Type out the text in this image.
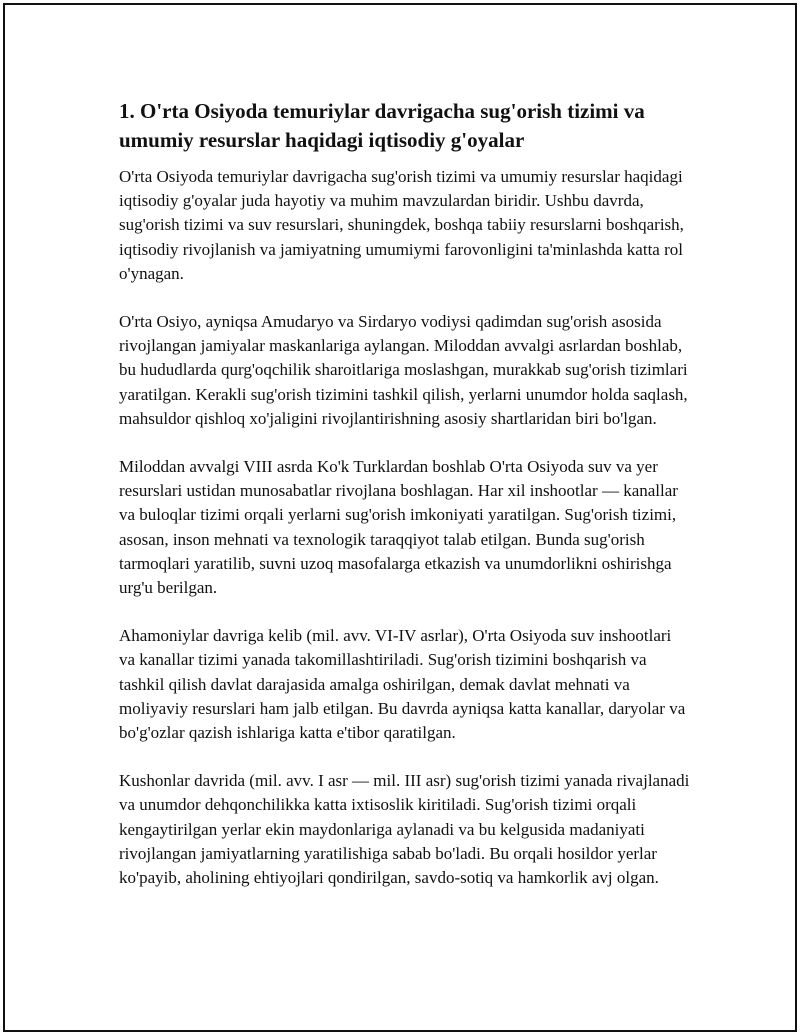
1. O'rta Osiyoda temuriylar davrigacha sug'orish tizimi va umumiy resurslar haqidagi iqtisodiy g'oyalar

O'rta Osiyoda temuriylar davrigacha sug'orish tizimi va umumiy resurslar haqidagi iqtisodiy g'oyalar juda hayotiy va muhim mavzulardan biridir. Ushbu davrda, sug'orish tizimi va suv resurslari, shuningdek, boshqa tabiiy resurslarni boshqarish, iqtisodiy rivojlanish va jamiyatning umumiymi farovonligini ta'minlashda katta rol o'ynagan.

O'rta Osiyo, ayniqsa Amudaryo va Sirdaryo vodiysi qadimdan sug'orish asosida rivojlangan jamiyalar maskanlariga aylangan. Miloddan avvalgi asrlardan boshlab, bu hududlarda qurg'oqchilik sharoitlariga moslashgan, murakkab sug'orish tizimlari yaratilgan. Kerakli sug'orish tizimini tashkil qilish, yerlarni unumdor holda saqlash, mahsuldor qishloq xo'jaligini rivojlantirishning asosiy shartlaridan biri bo'lgan.

Miloddan avvalgi VIII asrda Ko'k Turklardan boshlab O'rta Osiyoda suv va yer resurslari ustidan munosabatlar rivojlana boshlagan. Har xil inshootlar — kanallar va buloqlar tizimi orqali yerlarni sug'orish imkoniyati yaratilgan. Sug'orish tizimi, asosan, inson mehnati va texnologik taraqqiyot talab etilgan. Bunda sug'orish tarmoqlari yaratilib, suvni uzoq masofalarga etkazish va unumdorlikni oshirishga urg'u berilgan.

Ahamoniylar davriga kelib (mil. avv. VI-IV asrlar), O'rta Osiyoda suv inshootlari va kanallar tizimi yanada takomillashtiriladi. Sug'orish tizimini boshqarish va tashkil qilish davlat darajasida amalga oshirilgan, demak davlat mehnati va moliyaviy resurslari ham jalb etilgan. Bu davrda ayniqsa katta kanallar, daryolar va bo'g'ozlar qazish ishlariga katta e'tibor qaratilgan.

Kushonlar davrida (mil. avv. I asr — mil. III asr) sug'orish tizimi yanada rivajlanadi va unumdor dehqonchilikka katta ixtisoslik kiritiladi. Sug'orish tizimi orqali kengaytirilgan yerlar ekin maydonlariga aylanadi va bu kelgusida madaniyati rivojlangan jamiyatlarning yaratilishiga sabab bo'ladi. Bu orqali hosildor yerlar ko'payib, aholining ehtiyojlari qondirilgan, savdo-sotiq va hamkorlik avj olgan.
